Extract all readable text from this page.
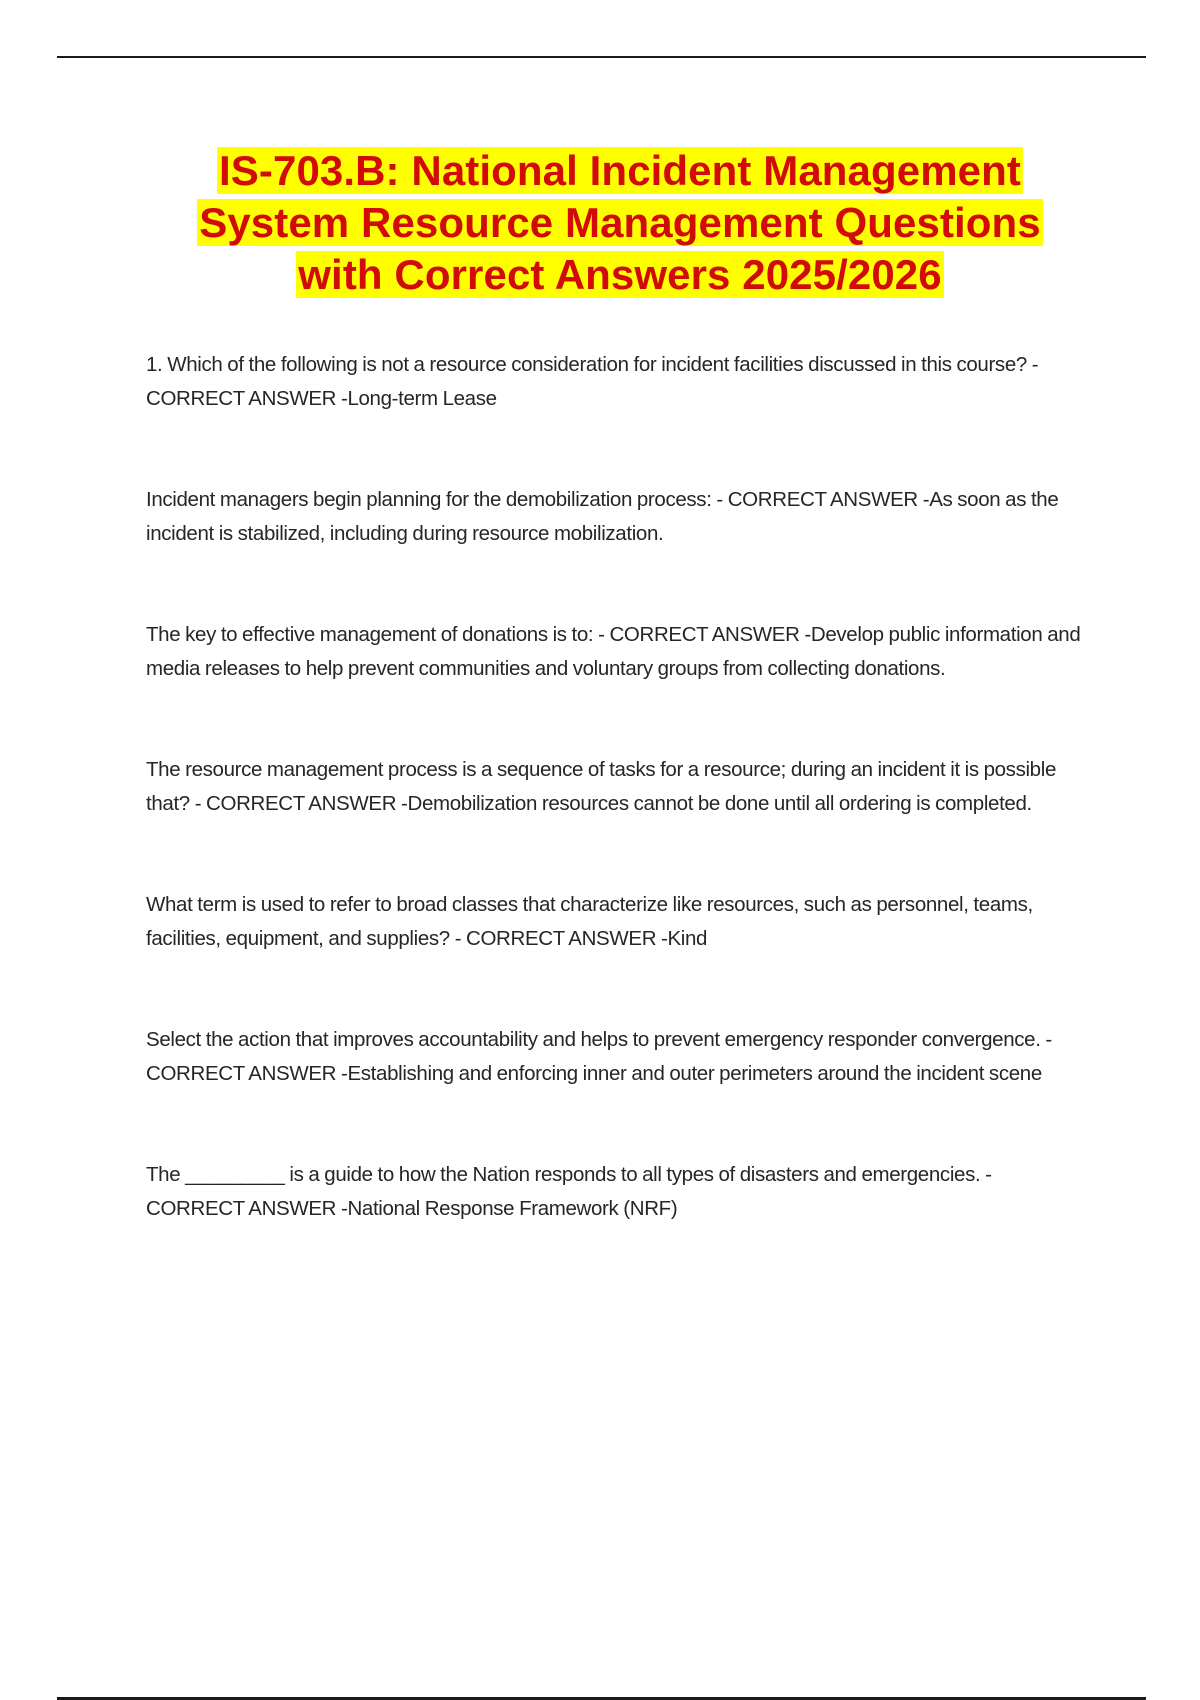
IS-703.B: National Incident Management
System Resource Management Questions
with Correct Answers 2025/2026

1. Which of the following is not a resource consideration for incident facilities discussed in this course? - CORRECT ANSWER -Long-term Lease

Incident managers begin planning for the demobilization process: - CORRECT ANSWER -As soon as the incident is stabilized, including during resource mobilization.

The key to effective management of donations is to: - CORRECT ANSWER -Develop public information and media releases to help prevent communities and voluntary groups from collecting donations.

The resource management process is a sequence of tasks for a resource; during an incident it is possible that? - CORRECT ANSWER -Demobilization resources cannot be done until all ordering is completed.

What term is used to refer to broad classes that characterize like resources, such as personnel, teams, facilities, equipment, and supplies? - CORRECT ANSWER -Kind

Select the action that improves accountability and helps to prevent emergency responder convergence. - CORRECT ANSWER -Establishing and enforcing inner and outer perimeters around the incident scene

The _________ is a guide to how the Nation responds to all types of disasters and emergencies. - CORRECT ANSWER -National Response Framework (NRF)
